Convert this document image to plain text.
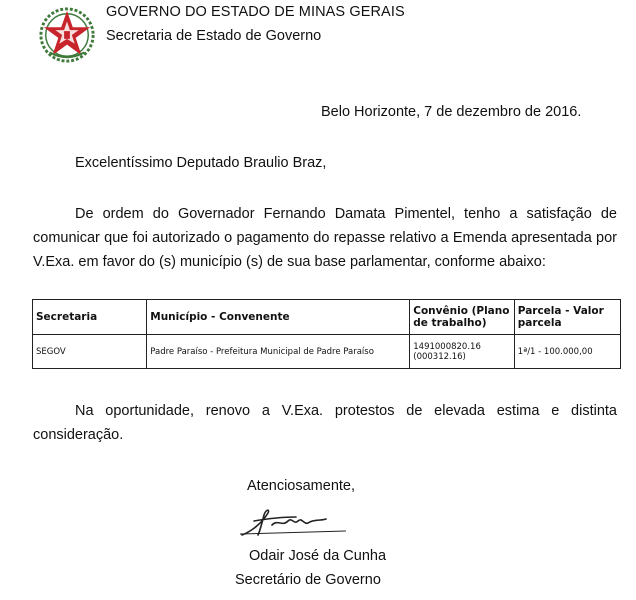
GOVERNO DO ESTADO DE MINAS GERAIS
Secretaria de Estado de Governo
Belo Horizonte, 7 de dezembro de 2016.
Excelentíssimo Deputado Braulio Braz,

De ordem do Governador Fernando Damata Pimentel, tenho a satisfação de comunicar que foi autorizado o pagamento do repasse relativo a Emenda apresentada por V.Exa. em favor do (s) município (s) de sua base parlamentar, conforme abaixo:

Secretaria	Município - Convenente	Convênio (Plano de trabalho)	Parcela - Valor parcela
SEGOV	Padre Paraíso - Prefeitura Municipal de Padre Paraíso	1491000820.16 (000312.16)	1ª/1 - 100.000,00

Na oportunidade, renovo a V.Exa. protestos de elevada estima e distinta consideração.

Atenciosamente,
Odair José da Cunha
Secretário de Governo
